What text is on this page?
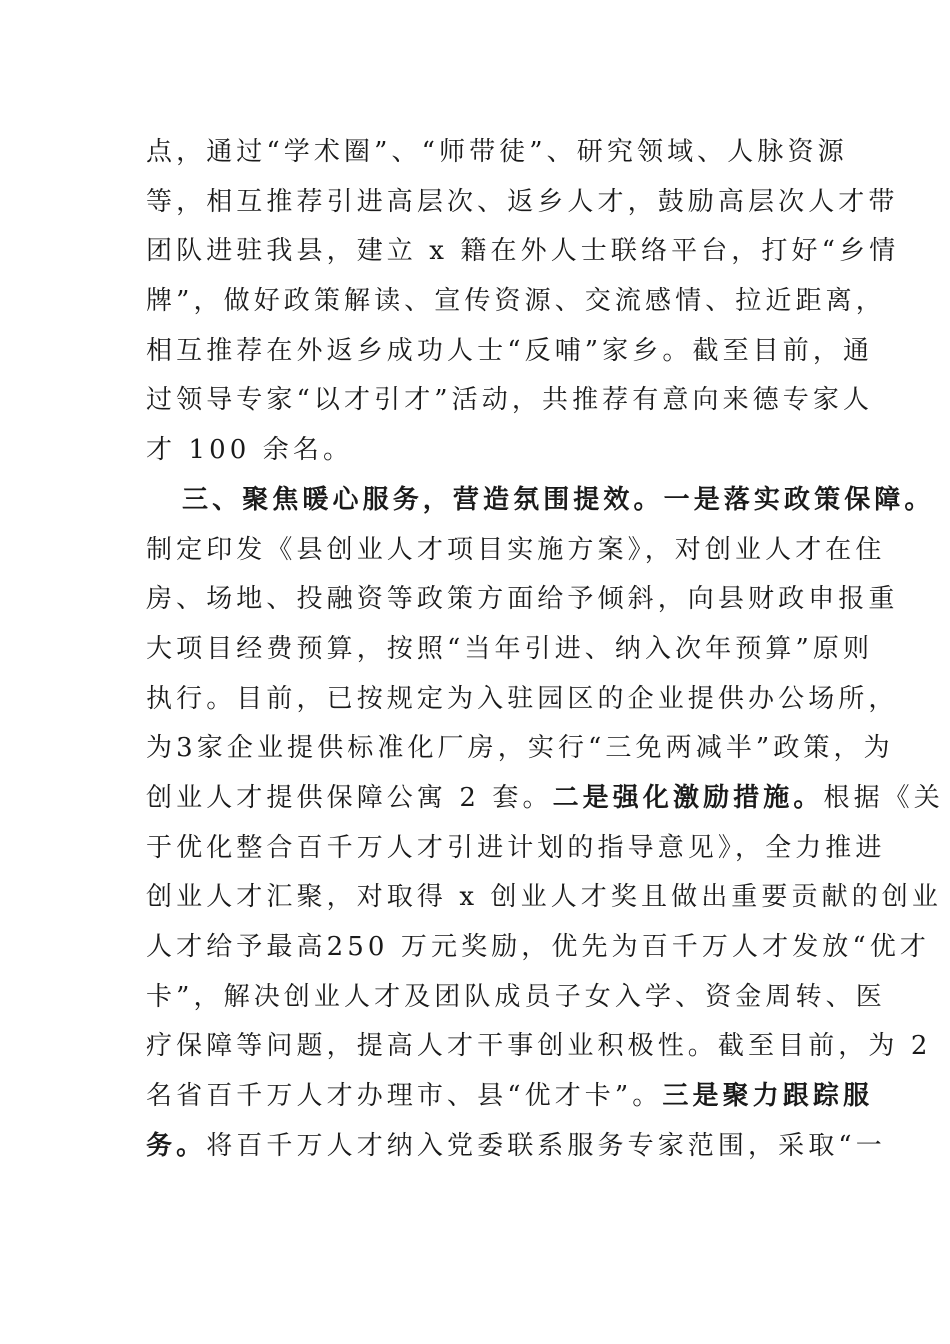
点，通过“学术圈”、“师带徒”、研究领域、人脉资源
等，相互推荐引进高层次、返乡人才，鼓励高层次人才带
团队进驻我县，建立 x 籍在外人士联络平台，打好“乡情
牌”，做好政策解读、宣传资源、交流感情、拉近距离，
相互推荐在外返乡成功人士“反哺”家乡。截至目前，通
过领导专家“以才引才”活动，共推荐有意向来德专家人
才 100 余名。
三、聚焦暖心服务，营造氛围提效。一是落实政策保障。
制定印发《县创业人才项目实施方案》，对创业人才在住
房、场地、投融资等政策方面给予倾斜，向县财政申报重
大项目经费预算，按照“当年引进、纳入次年预算”原则
执行。目前，已按规定为入驻园区的企业提供办公场所，
为3家企业提供标准化厂房，实行“三免两减半”政策，为
创业人才提供保障公寓 2 套。二是强化激励措施。根据《关
于优化整合百千万人才引进计划的指导意见》，全力推进
创业人才汇聚，对取得 x 创业人才奖且做出重要贡献的创业
人才给予最高250 万元奖励，优先为百千万人才发放“优才
卡”，解决创业人才及团队成员子女入学、资金周转、医
疗保障等问题，提高人才干事创业积极性。截至目前，为 2
名省百千万人才办理市、县“优才卡”。三是聚力跟踪服
务。将百千万人才纳入党委联系服务专家范围，采取“一
